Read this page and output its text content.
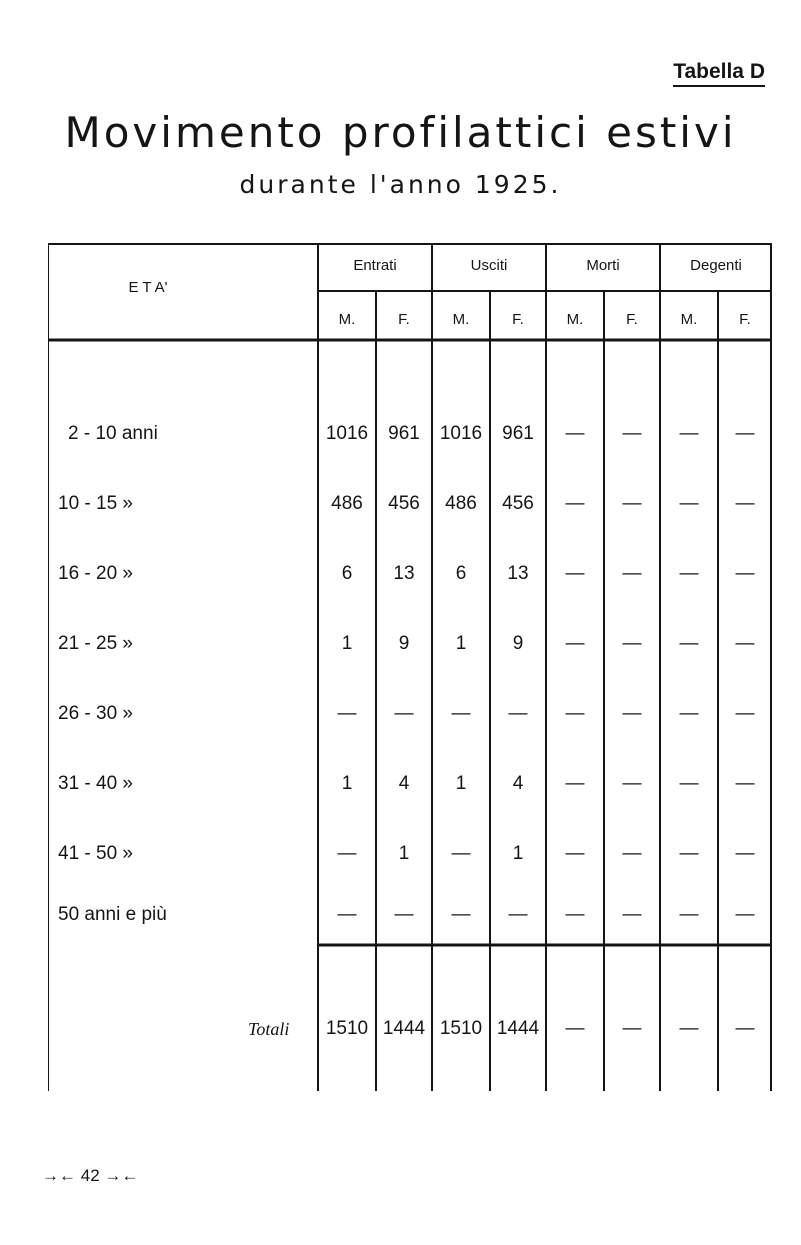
Tabella D
Movimento profilattici estivi
durante l'anno 1925.
E T A'
Entrati	Usciti	Morti	Degenti
M.	F.	M.	F.	M.	F.	M.	F.
2 - 10 anni	1016	961	1016	961	—	—	—	—
10 - 15 »	486	456	486	456	—	—	—	—
16 - 20 »	6	13	6	13	—	—	—	—
21 - 25 »	1	9	1	9	—	—	—	—
26 - 30 »	—	—	—	—	—	—	—	—
31 - 40 »	1	4	1	4	—	—	—	—
41 - 50 »	—	1	—	1	—	—	—	—
50 anni e più	—	—	—	—	—	—	—	—
Totali	1510 1444 1510 1444	—	—	—	—
→← 42 →←
